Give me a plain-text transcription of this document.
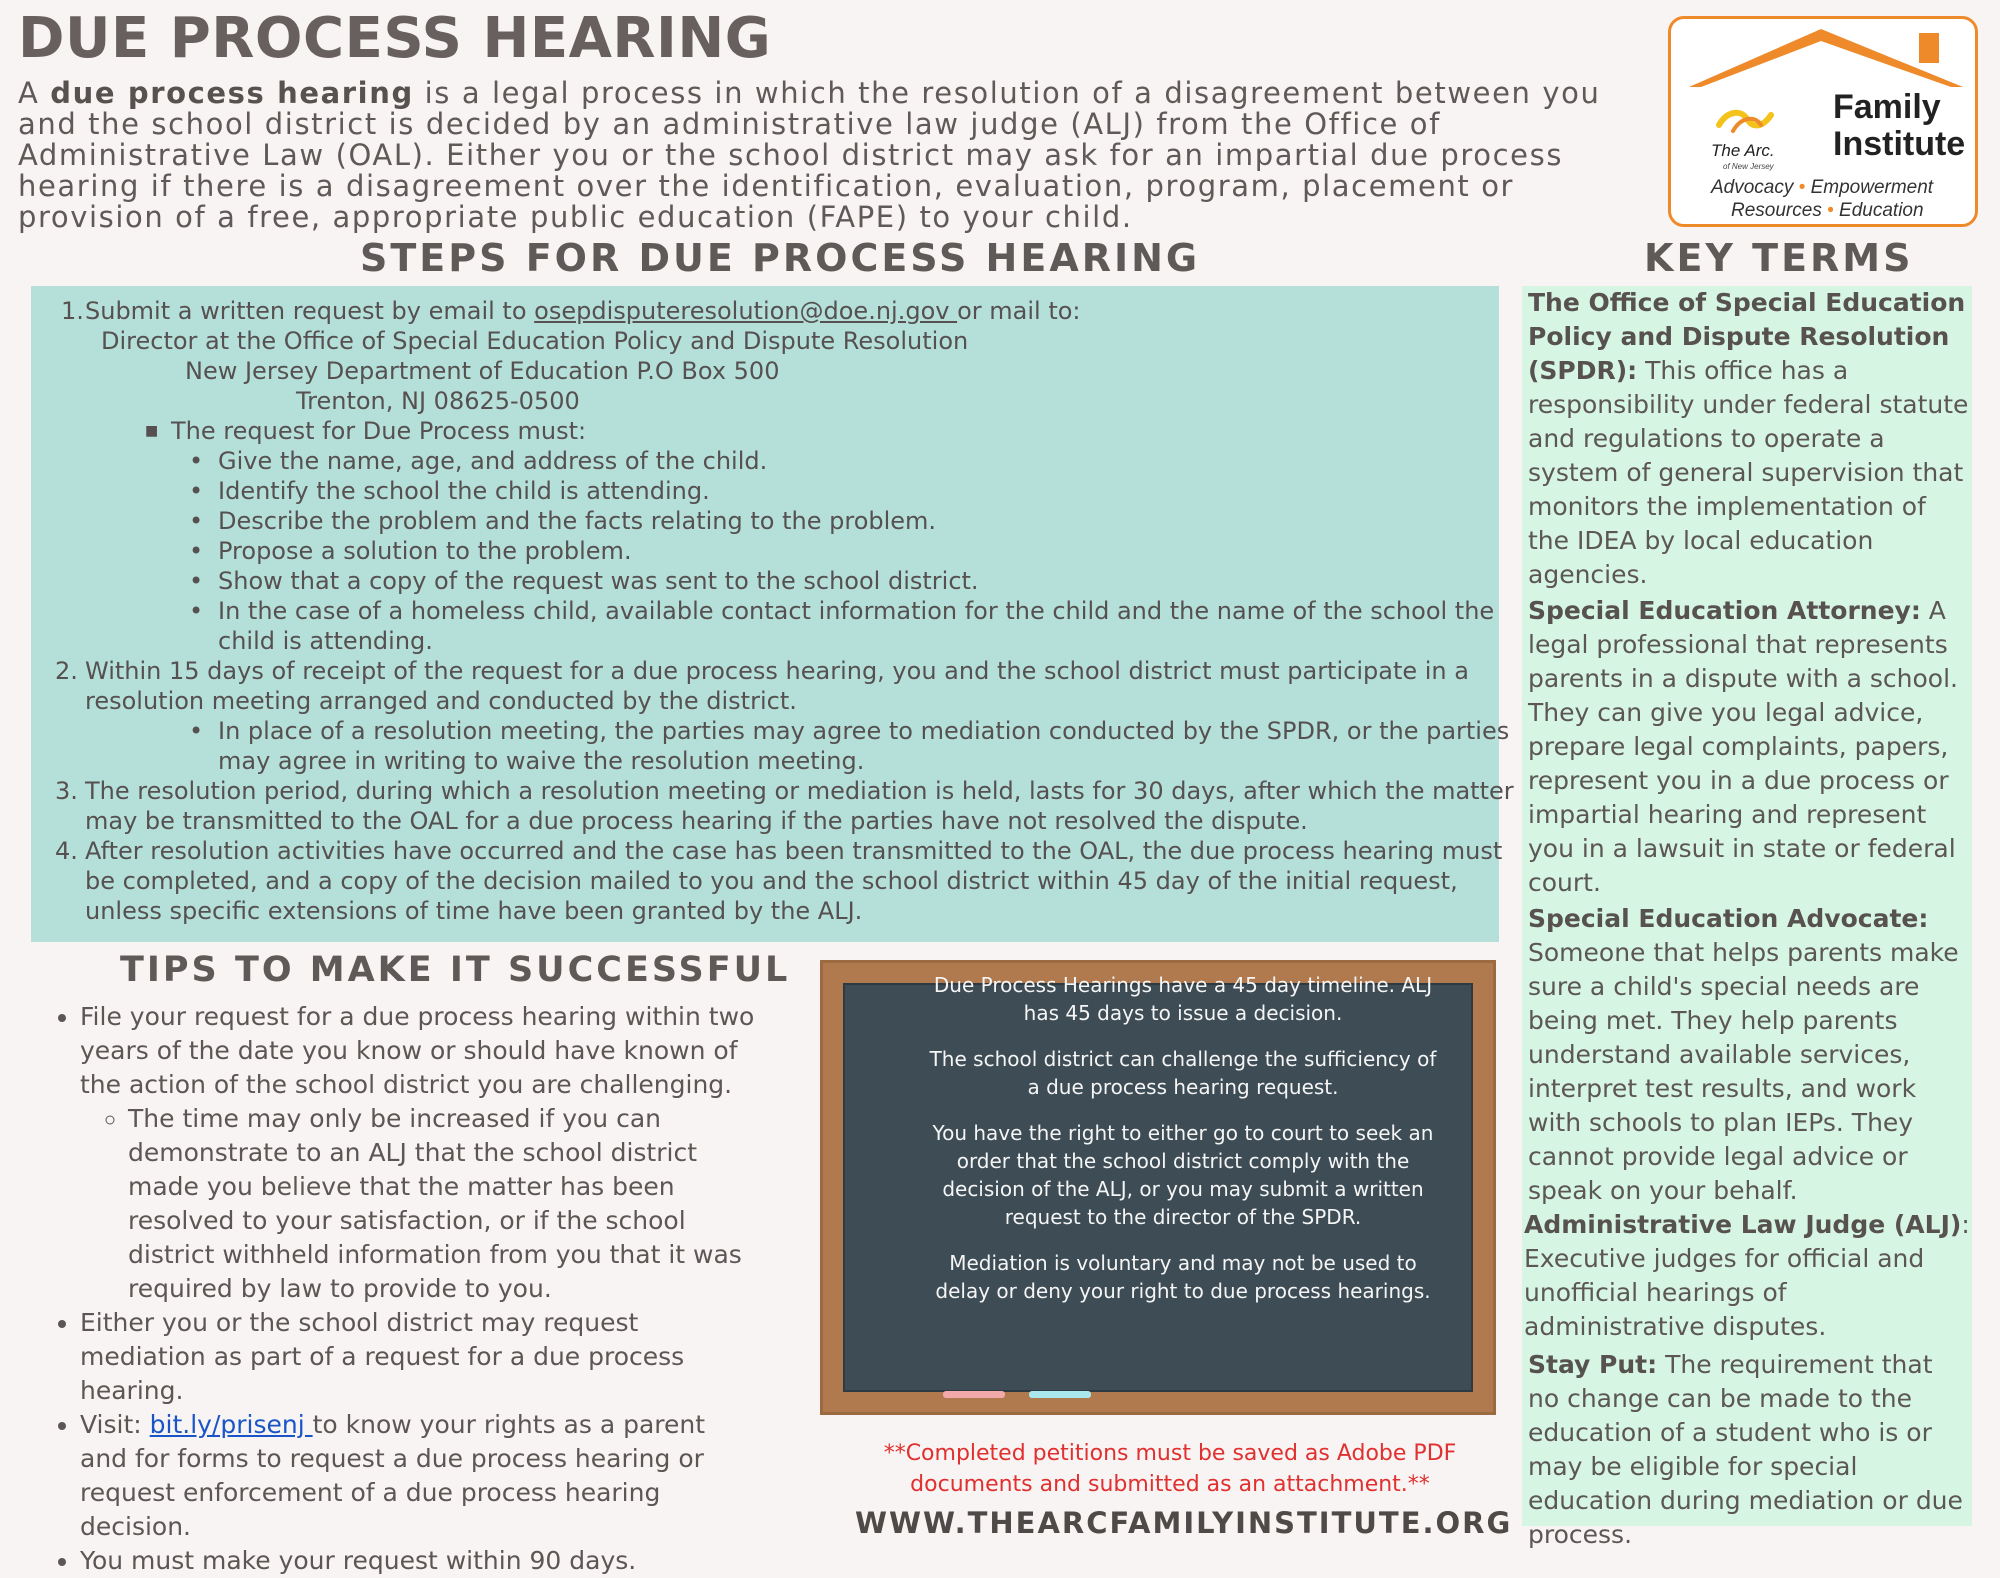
DUE PROCESS HEARING

A due process hearing is a legal process in which the resolution of a disagreement between you and the school district is decided by an administrative law judge (ALJ) from the Office of Administrative Law (OAL). Either you or the school district may ask for an impartial due process hearing if there is a disagreement over the identification, evaluation, program, placement or provision of a free, appropriate public education (FAPE) to your child.

Family
Institute
The Arc.
of New Jersey
Advocacy • Empowerment
Resources • Education
STEPS FOR DUE PROCESS HEARING	KEY TERMS
1. Submit a written request by email to osepdisputeresolution@doe.nj.gov or mail to:
Director at the Office of Special Education Policy and Dispute Resolution
New Jersey Department of Education P.O Box 500
Trenton, NJ 08625-0500
■ The request for Due Process must:
• Give the name, age, and address of the child.
• Identify the school the child is attending.
• Describe the problem and the facts relating to the problem.
• Propose a solution to the problem.
• Show that a copy of the request was sent to the school district.
• In the case of a homeless child, available contact information for the child and the name of the school the
child is attending.
2. Within 15 days of receipt of the request for a due process hearing, you and the school district must participate in a
resolution meeting arranged and conducted by the district.
• In place of a resolution meeting, the parties may agree to mediation conducted by the SPDR, or the parties
may agree in writing to waive the resolution meeting.
3. The resolution period, during which a resolution meeting or mediation is held, lasts for 30 days, after which the matter
may be transmitted to the OAL for a due process hearing if the parties have not resolved the dispute.
4. After resolution activities have occurred and the case has been transmitted to the OAL, the due process hearing must
be completed, and a copy of the decision mailed to you and the school district within 45 day of the initial request,
unless specific extensions of time have been granted by the ALJ.
TIPS TO MAKE IT SUCCESSFUL
• File your request for a due process hearing within two years of the date you know or should have known of the action of the school district you are challenging.
◦ The time may only be increased if you can demonstrate to an ALJ that the school district made you believe that the matter has been resolved to your satisfaction, or if the school district withheld information from you that it was required by law to provide to you.
• Either you or the school district may request mediation as part of a request for a due process hearing.
• Visit: bit.ly/prisenj to know your rights as a parent and for forms to request a due process hearing or request enforcement of a due process hearing decision.
• You must make your request within 90 days.

Due Process Hearings have a 45 day timeline. ALJ has 45 days to issue a decision.

The school district can challenge the sufficiency of a due process hearing request.

You have the right to either go to court to seek an order that the school district comply with the decision of the ALJ, or you may submit a written request to the director of the SPDR.

Mediation is voluntary and may not be used to delay or deny your right to due process hearings.

**Completed petitions must be saved as Adobe PDF documents and submitted as an attachment.**
WWW.THEARCFAMILYINSTITUTE.ORG

The Office of Special Education Policy and Dispute Resolution (SPDR): This office has a responsibility under federal statute and regulations to operate a system of general supervision that monitors the implementation of the IDEA by local education agencies.

Special Education Attorney: A legal professional that represents parents in a dispute with a school. They can give you legal advice, prepare legal complaints, papers, represent you in a due process or impartial hearing and represent you in a lawsuit in state or federal court.

Special Education Advocate: Someone that helps parents make sure a child's special needs are being met. They help parents understand available services, interpret test results, and work with schools to plan IEPs. They cannot provide legal advice or speak on your behalf.

Administrative Law Judge (ALJ): Executive judges for official and unofficial hearings of administrative disputes.

Stay Put: The requirement that no change can be made to the education of a student who is or may be eligible for special education during mediation or due process.
